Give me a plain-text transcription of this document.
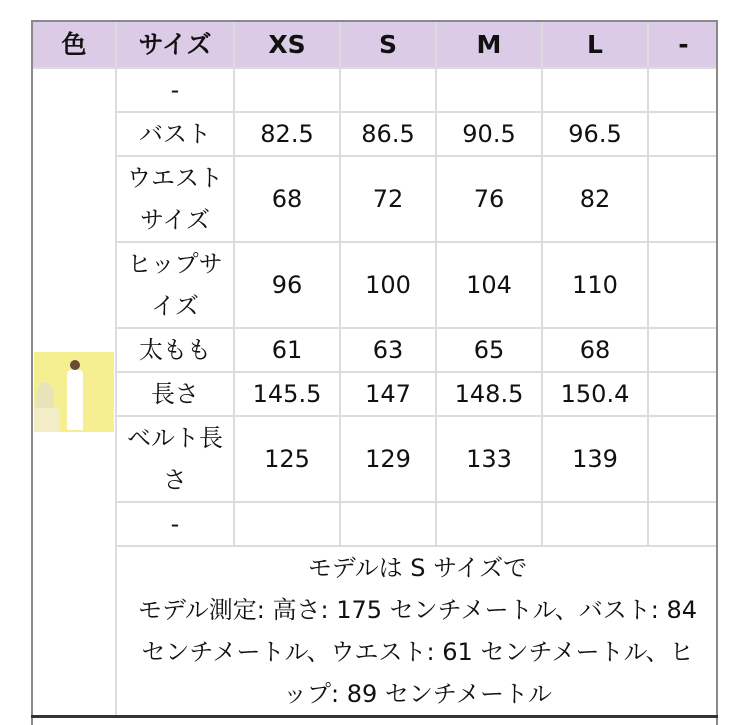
色	サイズ	XS	S	M	L	-

	-					
	バスト	82.5	86.5	90.5	96.5	

	ウエスト
サイズ	68	72	76	82	

	ヒップサ
イズ	96	100	104	110	
	太もも	61	63	65	68	
	長さ	145.5	147	148.5	150.4	

	ベルト長
さ	125	129	133	139	
	-					

	モデルは S サイズで
モデル測定: 高さ: 175 センチメートル、バスト: 84
センチメートル、ウエスト: 61 センチメートル、ヒ
ップ: 89 センチメートル					
